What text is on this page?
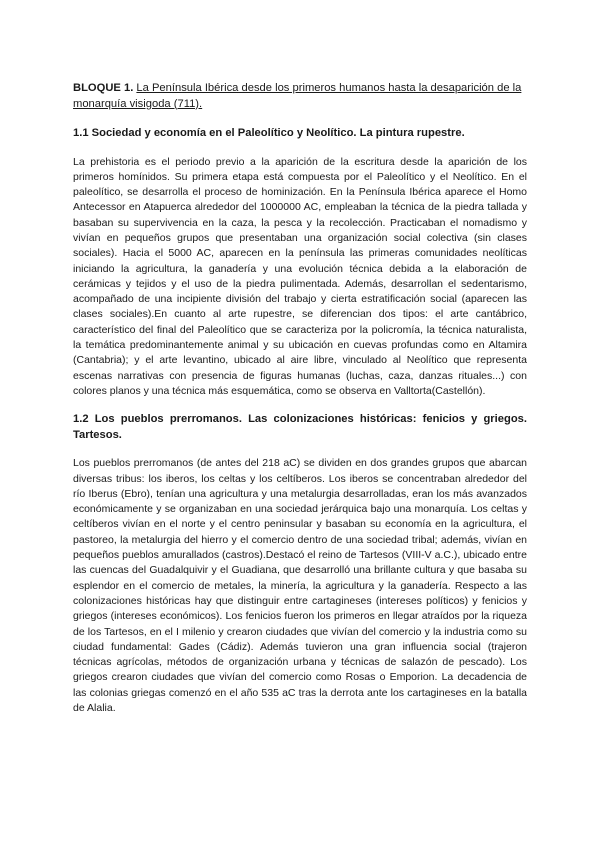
BLOQUE 1. La Península Ibérica desde los primeros humanos hasta la desaparición de la monarquía visigoda (711).
1.1 Sociedad y economía en el Paleolítico y Neolítico. La pintura rupestre.

La prehistoria es el periodo previo a la aparición de la escritura desde la aparición de los primeros homínidos. Su primera etapa está compuesta por el Paleolítico y el Neolítico. En el paleolítico, se desarrolla el proceso de hominización. En la Península Ibérica aparece el Homo Antecessor en Atapuerca alrededor del 1000000 AC, empleaban la técnica de la piedra tallada y basaban su supervivencia en la caza, la pesca y la recolección. Practicaban el nomadismo y vivían en pequeños grupos que presentaban una organización social colectiva (sin clases sociales). Hacia el 5000 AC, aparecen en la península las primeras comunidades neolíticas iniciando la agricultura, la ganadería y una evolución técnica debida a la elaboración de cerámicas y tejidos y el uso de la piedra pulimentada. Además, desarrollan el sedentarismo, acompañado de una incipiente división del trabajo y cierta estratificación social (aparecen las clases sociales).En cuanto al arte rupestre, se diferencian dos tipos: el arte cantábrico, característico del final del Paleolítico que se caracteriza por la policromía, la técnica naturalista, la temática predominantemente animal y su ubicación en cuevas profundas como en Altamira (Cantabria); y el arte levantino, ubicado al aire libre, vinculado al Neolítico que representa escenas narrativas con presencia de figuras humanas (luchas, caza, danzas rituales...) con colores planos y una técnica más esquemática, como se observa en Valltorta(Castellón).

1.2 Los pueblos prerromanos. Las colonizaciones históricas: fenicios y griegos. Tartesos.

Los pueblos prerromanos (de antes del 218 aC) se dividen en dos grandes grupos que abarcan diversas tribus: los iberos, los celtas y los celtíberos. Los iberos se concentraban alrededor del río Iberus (Ebro), tenían una agricultura y una metalurgia desarrolladas, eran los más avanzados económicamente y se organizaban en una sociedad jerárquica bajo una monarquía. Los celtas y celtíberos vivían en el norte y el centro peninsular y basaban su economía en la agricultura, el pastoreo, la metalurgia del hierro y el comercio dentro de una sociedad tribal; además, vivían en pequeños pueblos amurallados (castros).Destacó el reino de Tartesos (VIII-V a.C.), ubicado entre las cuencas del Guadalquivir y el Guadiana, que desarrolló una brillante cultura y que basaba su esplendor en el comercio de metales, la minería, la agricultura y la ganadería. Respecto a las colonizaciones históricas hay que distinguir entre cartagineses (intereses políticos) y fenicios y griegos (intereses económicos). Los fenicios fueron los primeros en llegar atraídos por la riqueza de los Tartesos, en el I milenio y crearon ciudades que vivían del comercio y la industria como su ciudad fundamental: Gades (Cádiz). Además tuvieron una gran influencia social (trajeron técnicas agrícolas, métodos de organización urbana y técnicas de salazón de pescado). Los griegos crearon ciudades que vivían del comercio como Rosas o Emporion. La decadencia de las colonias griegas comenzó en el año 535 aC tras la derrota ante los cartagineses en la batalla de Alalia.
